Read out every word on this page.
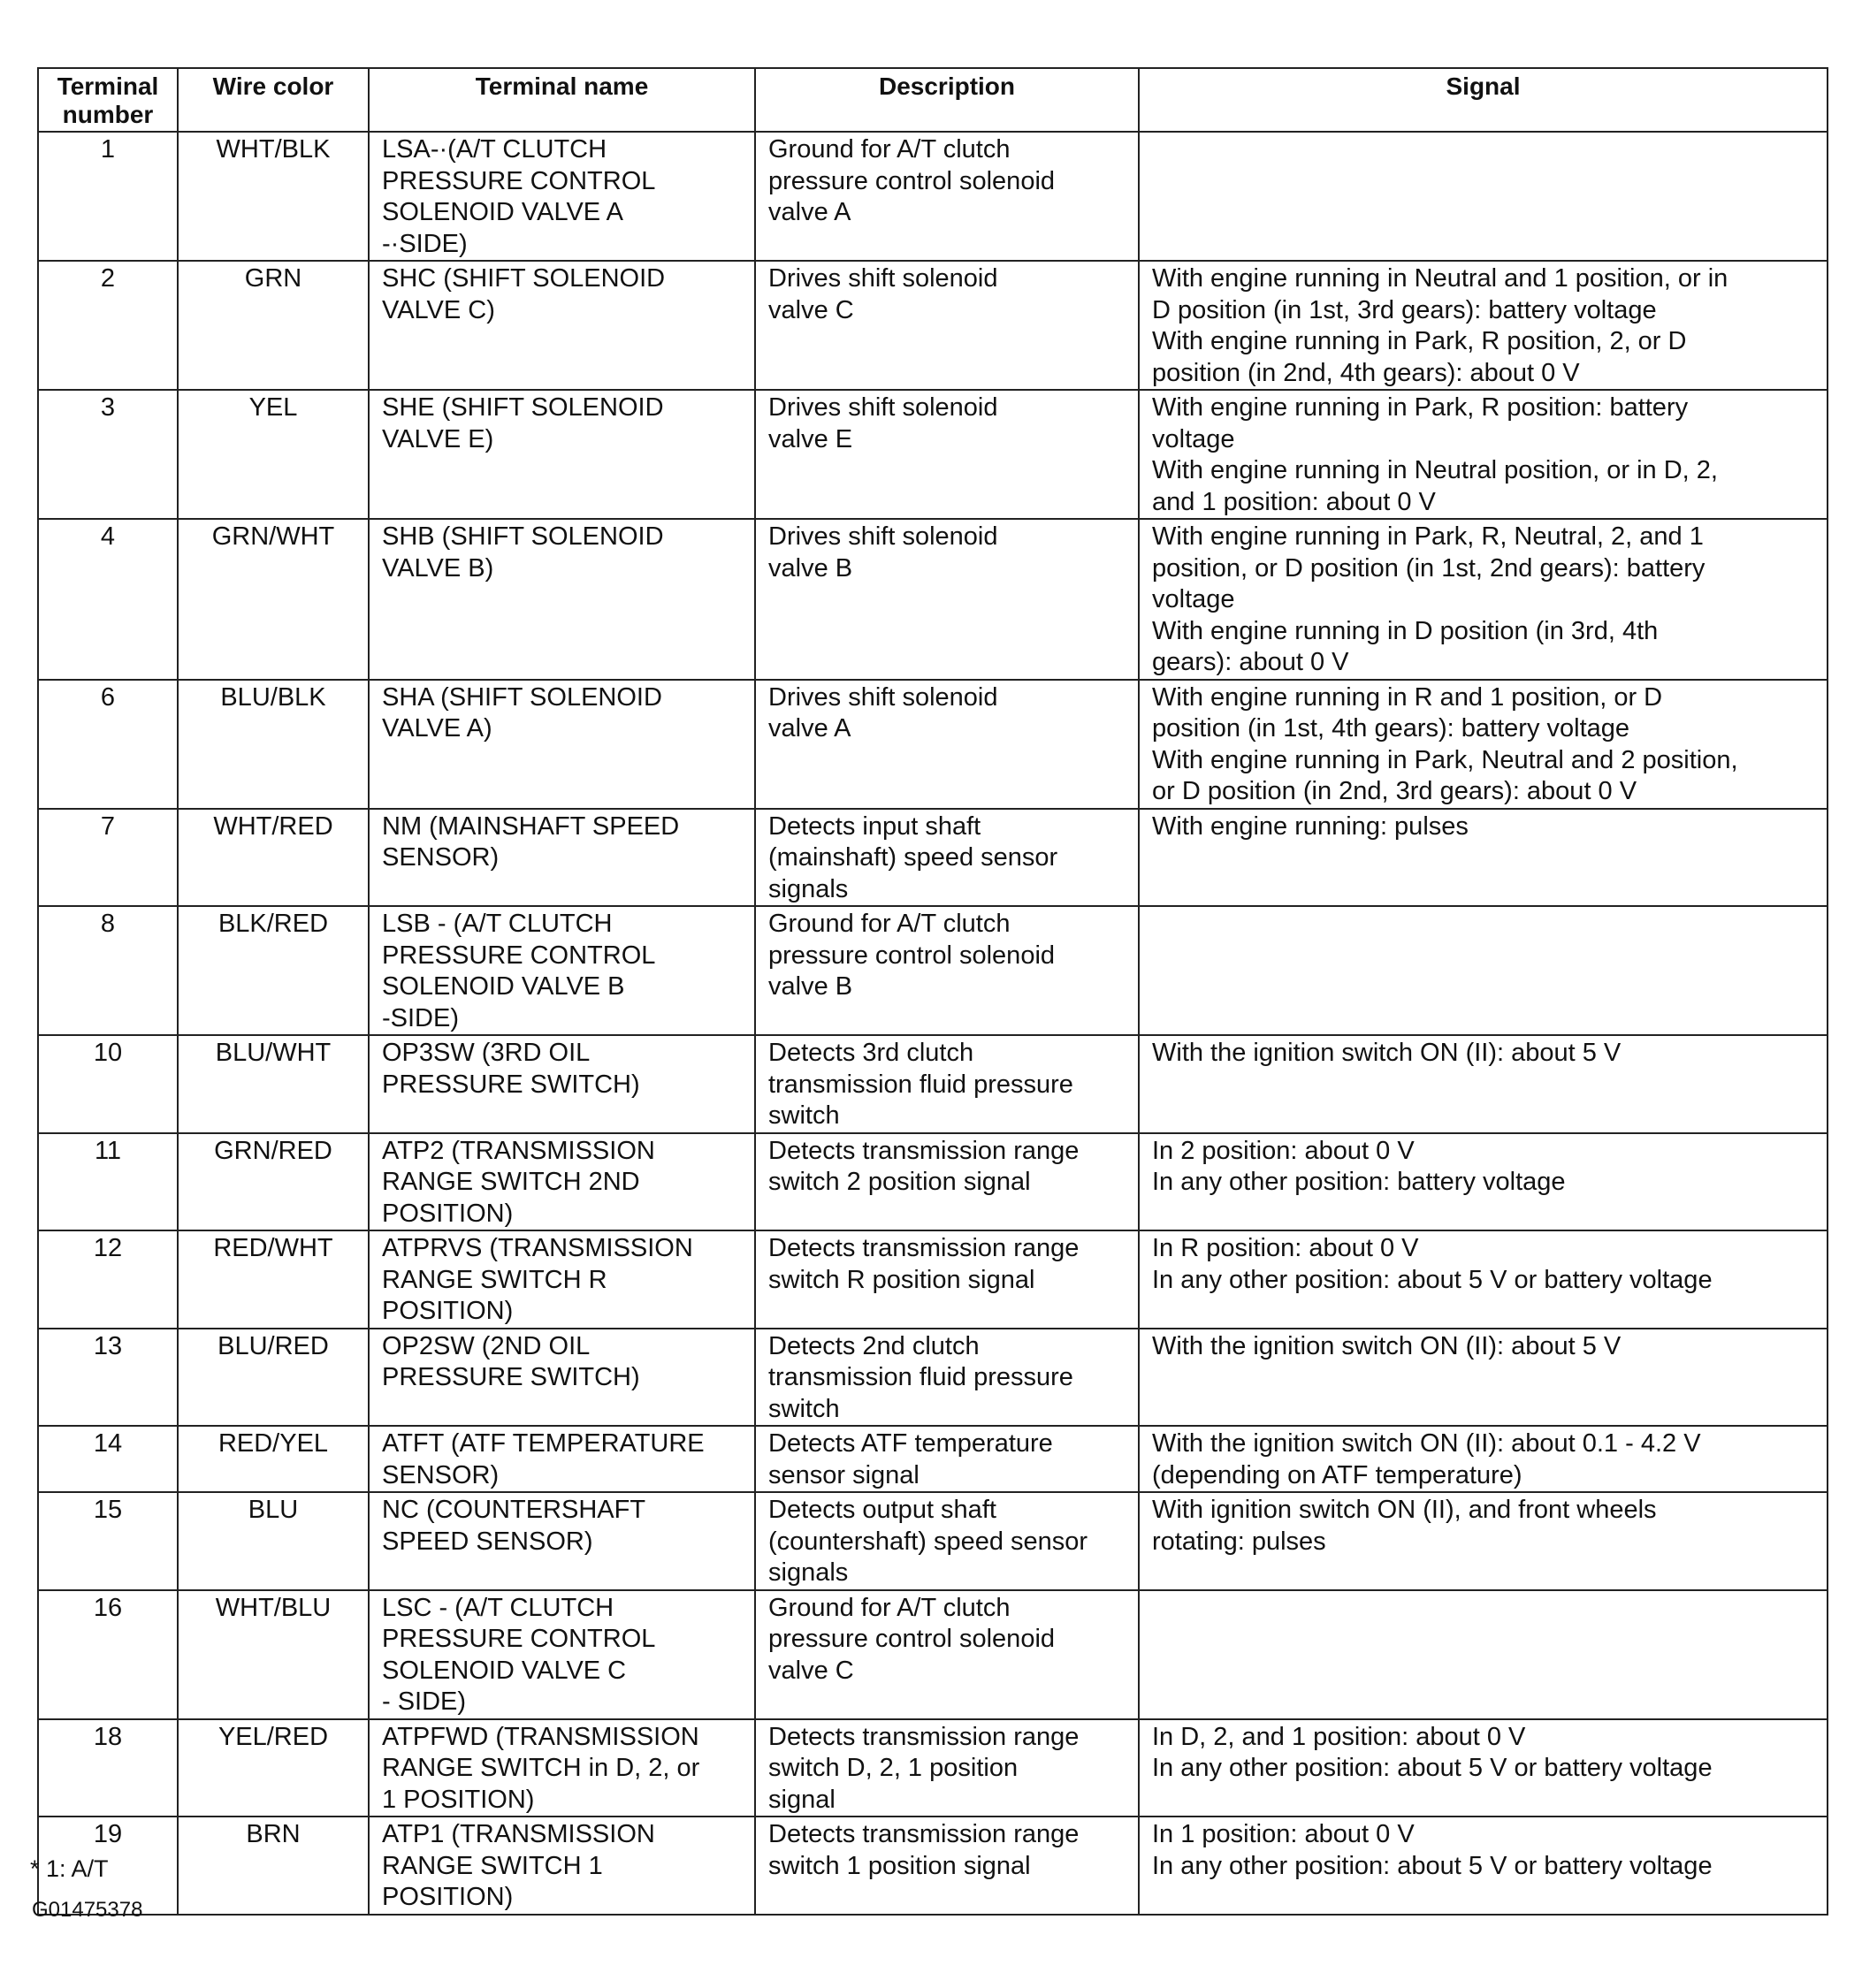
Terminal
number	Wire color	Terminal name	Description	Signal

1	WHT/BLK	LSA-·(A/T CLUTCH
PRESSURE CONTROL
SOLENOID VALVE A
-·SIDE)	Ground for A/T clutch
pressure control solenoid
valve A	

2	GRN	SHC (SHIFT SOLENOID
VALVE C)	Drives shift solenoid
valve C	With engine running in Neutral and 1 position, or in
D position (in 1st, 3rd gears): battery voltage
With engine running in Park, R position, 2, or D
position (in 2nd, 4th gears): about 0 V

3	YEL	SHE (SHIFT SOLENOID
VALVE E)	Drives shift solenoid
valve E	With engine running in Park, R position: battery
voltage
With engine running in Neutral position, or in D, 2,
and 1 position: about 0 V

4	GRN/WHT	SHB (SHIFT SOLENOID
VALVE B)	Drives shift solenoid
valve B	With engine running in Park, R, Neutral, 2, and 1
position, or D position (in 1st, 2nd gears): battery
voltage
With engine running in D position (in 3rd, 4th
gears): about 0 V

6	BLU/BLK	SHA (SHIFT SOLENOID
VALVE A)	Drives shift solenoid
valve A	With engine running in R and 1 position, or D
position (in 1st, 4th gears): battery voltage
With engine running in Park, Neutral and 2 position,
or D position (in 2nd, 3rd gears): about 0 V

7	WHT/RED	NM (MAINSHAFT SPEED
SENSOR)	Detects input shaft
(mainshaft) speed sensor
signals	With engine running: pulses

8	BLK/RED	LSB - (A/T CLUTCH
PRESSURE CONTROL
SOLENOID VALVE B
-SIDE)	Ground for A/T clutch
pressure control solenoid
valve B	

10	BLU/WHT	OP3SW (3RD OIL
PRESSURE SWITCH)	Detects 3rd clutch
transmission fluid pressure
switch	With the ignition switch ON (II): about 5 V

11	GRN/RED	ATP2 (TRANSMISSION
RANGE SWITCH 2ND
POSITION)	Detects transmission range
switch 2 position signal	In 2 position: about 0 V
In any other position: battery voltage

12	RED/WHT	ATPRVS (TRANSMISSION
RANGE SWITCH R
POSITION)	Detects transmission range
switch R position signal	In R position: about 0 V
In any other position: about 5 V or battery voltage

13	BLU/RED	OP2SW (2ND OIL
PRESSURE SWITCH)	Detects 2nd clutch
transmission fluid pressure
switch	With the ignition switch ON (II): about 5 V

14	RED/YEL	ATFT (ATF TEMPERATURE
SENSOR)	Detects ATF temperature
sensor signal	With the ignition switch ON (II): about 0.1 - 4.2 V
(depending on ATF temperature)

15	BLU	NC (COUNTERSHAFT
SPEED SENSOR)	Detects output shaft
(countershaft) speed sensor
signals	With ignition switch ON (II), and front wheels
rotating: pulses

16	WHT/BLU	LSC - (A/T CLUTCH
PRESSURE CONTROL
SOLENOID VALVE C
- SIDE)	Ground for A/T clutch
pressure control solenoid
valve C	

18	YEL/RED	ATPFWD (TRANSMISSION
RANGE SWITCH in D, 2, or
1 POSITION)	Detects transmission range
switch D, 2, 1 position
signal	In D, 2, and 1 position: about 0 V
In any other position: about 5 V or battery voltage

19	BRN	ATP1 (TRANSMISSION
RANGE SWITCH 1
POSITION)	Detects transmission range
switch 1 position signal	In 1 position: about 0 V
In any other position: about 5 V or battery voltage
* 1: A/T
G01475378
